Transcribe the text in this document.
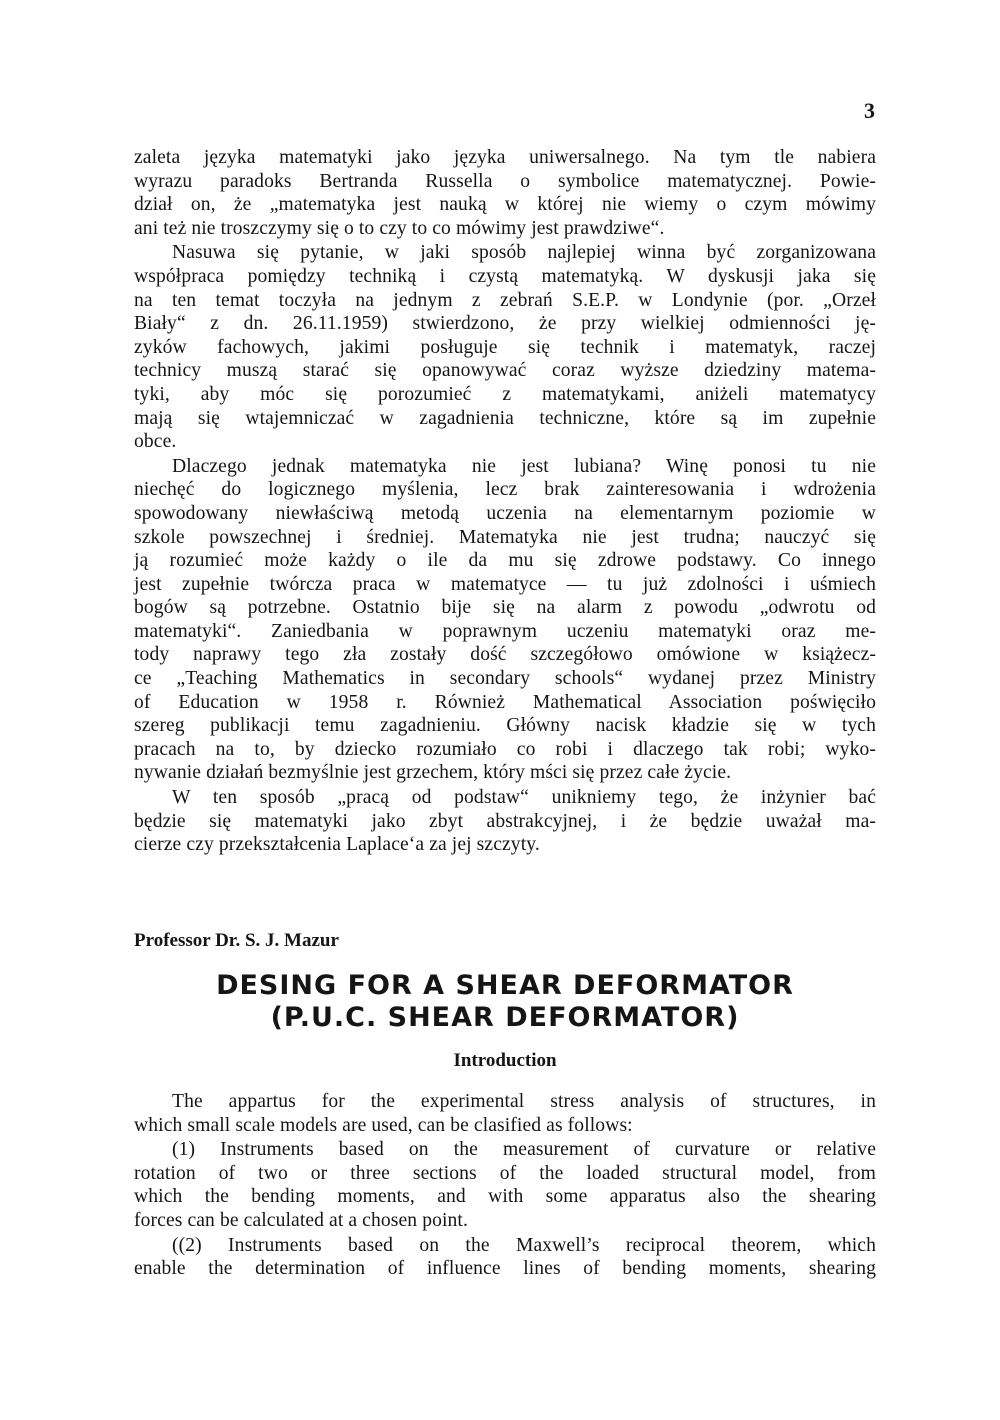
3
zaleta języka matematyki jako języka uniwersalnego. Na tym tle nabiera
wyrazu paradoks Bertranda Russella o symbolice matematycznej. Powie-
dział on, że „matematyka jest nauką w której nie wiemy o czym mówimy
ani też nie troszczymy się o to czy to co mówimy jest prawdziwe“.
Nasuwa się pytanie, w jaki sposób najlepiej winna być zorganizowana
współpraca pomiędzy techniką i czystą matematyką. W dyskusji jaka się
na ten temat toczyła na jednym z zebrań S.E.P. w Londynie (por. „Orzeł
Biały“ z dn. 26.11.1959) stwierdzono, że przy wielkiej odmienności ję-
zyków fachowych, jakimi posługuje się technik i matematyk, raczej
technicy muszą starać się opanowywać coraz wyższe dziedziny matema-
tyki, aby móc się porozumieć z matematykami, aniżeli matematycy
mają się wtajemniczać w zagadnienia techniczne, które są im zupełnie
obce.
Dlaczego jednak matematyka nie jest lubiana? Winę ponosi tu nie
niechęć do logicznego myślenia, lecz brak zainteresowania i wdrożenia
spowodowany niewłaściwą metodą uczenia na elementarnym poziomie w
szkole powszechnej i średniej. Matematyka nie jest trudna; nauczyć się
ją rozumieć może każdy o ile da mu się zdrowe podstawy. Co innego
jest zupełnie twórcza praca w matematyce — tu już zdolności i uśmiech
bogów są potrzebne. Ostatnio bije się na alarm z powodu „odwrotu od
matematyki“. Zaniedbania w poprawnym uczeniu matematyki oraz me-
tody naprawy tego zła zostały dość szczegółowo omówione w książecz-
ce „Teaching Mathematics in secondary schools“ wydanej przez Ministry
of Education w 1958 r. Również Mathematical Association poświęciło
szereg publikacji temu zagadnieniu. Główny nacisk kładzie się w tych
pracach na to, by dziecko rozumiało co robi i dlaczego tak robi; wyko-
nywanie działań bezmyślnie jest grzechem, który mści się przez całe życie.
W ten sposób „pracą od podstaw“ unikniemy tego, że inżynier bać
będzie się matematyki jako zbyt abstrakcyjnej, i że będzie uważał ma-
cierze czy przekształcenia Laplace‘a za jej szczyty.
Professor Dr. S. J. Mazur
DESING FOR A SHEAR DEFORMATOR
(P.U.C. SHEAR DEFORMATOR)
Introduction
The appartus for the experimental stress analysis of structures, in
which small scale models are used, can be clasified as follows:
(1) Instruments based on the measurement of curvature or relative
rotation of two or three sections of the loaded structural model, from
which the bending moments, and with some apparatus also the shearing
forces can be calculated at a chosen point.
((2) Instruments based on the Maxwell’s reciprocal theorem, which
enable the determination of influence lines of bending moments, shearing
